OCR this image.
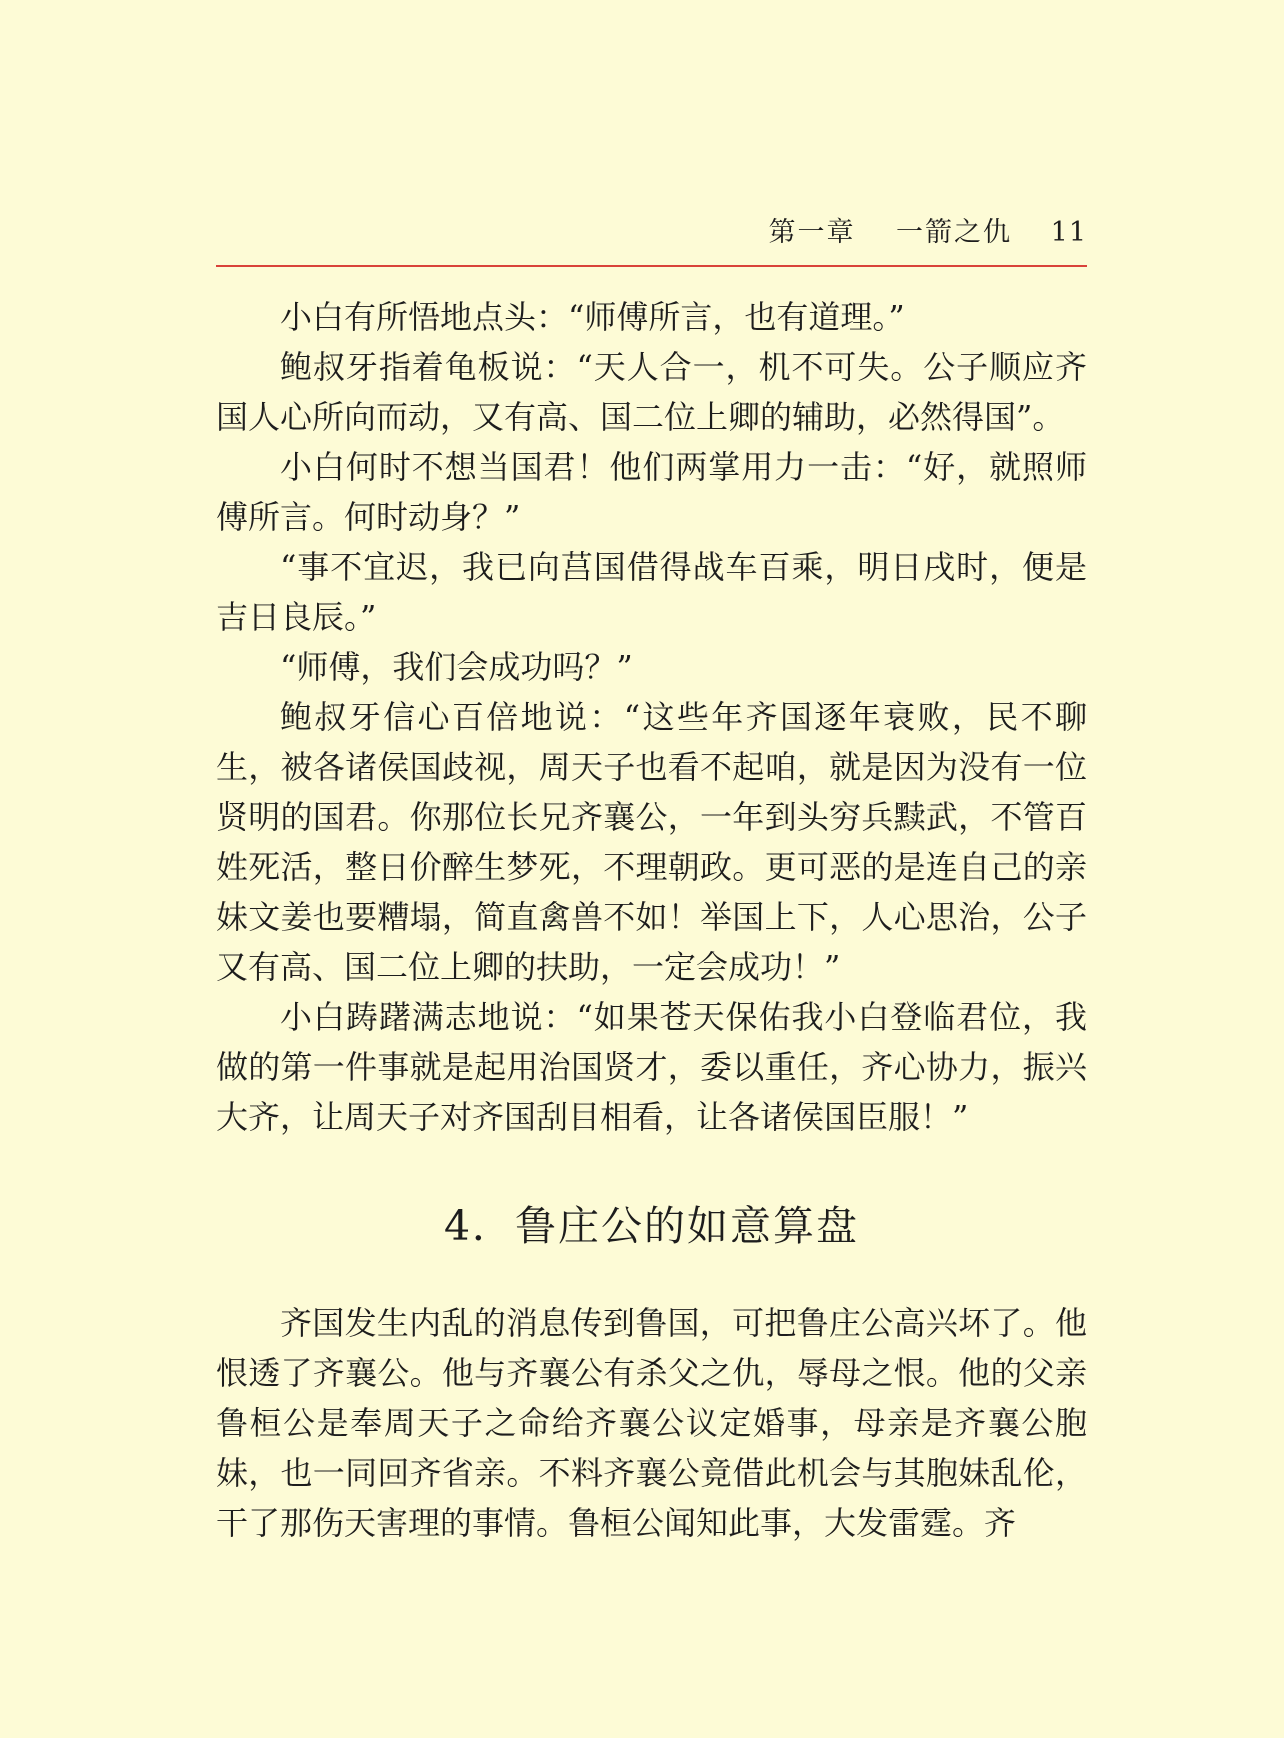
第一章 一箭之仇 11

小白有所悟地点头：“师傅所言，也有道理。”

鲍叔牙指着龟板说：“天人合一，机不可失。公子顺应齐国人心所向而动，又有高、国二位上卿的辅助，必然得国”。

小白何时不想当国君！他们两掌用力一击：“好，就照师傅所言。何时动身？”

“事不宜迟，我已向莒国借得战车百乘，明日戌时，便是吉日良辰。”

“师傅，我们会成功吗？”

鲍叔牙信心百倍地说：“这些年齐国逐年衰败，民不聊生，被各诸侯国歧视，周天子也看不起咱，就是因为没有一位贤明的国君。你那位长兄齐襄公，一年到头穷兵黩武，不管百姓死活，整日价醉生梦死，不理朝政。更可恶的是连自己的亲妹文姜也要糟塌，简直禽兽不如！举国上下，人心思治，公子又有高、国二位上卿的扶助，一定会成功！”

小白踌躇满志地说：“如果苍天保佑我小白登临君位，我做的第一件事就是起用治国贤才，委以重任，齐心协力，振兴大齐，让周天子对齐国刮目相看，让各诸侯国臣服！”

4．鲁庄公的如意算盘

齐国发生内乱的消息传到鲁国，可把鲁庄公高兴坏了。他恨透了齐襄公。他与齐襄公有杀父之仇，辱母之恨。他的父亲鲁桓公是奉周天子之命给齐襄公议定婚事，母亲是齐襄公胞妹，也一同回齐省亲。不料齐襄公竟借此机会与其胞妹乱伦，干了那伤天害理的事情。鲁桓公闻知此事，大发雷霆。齐
